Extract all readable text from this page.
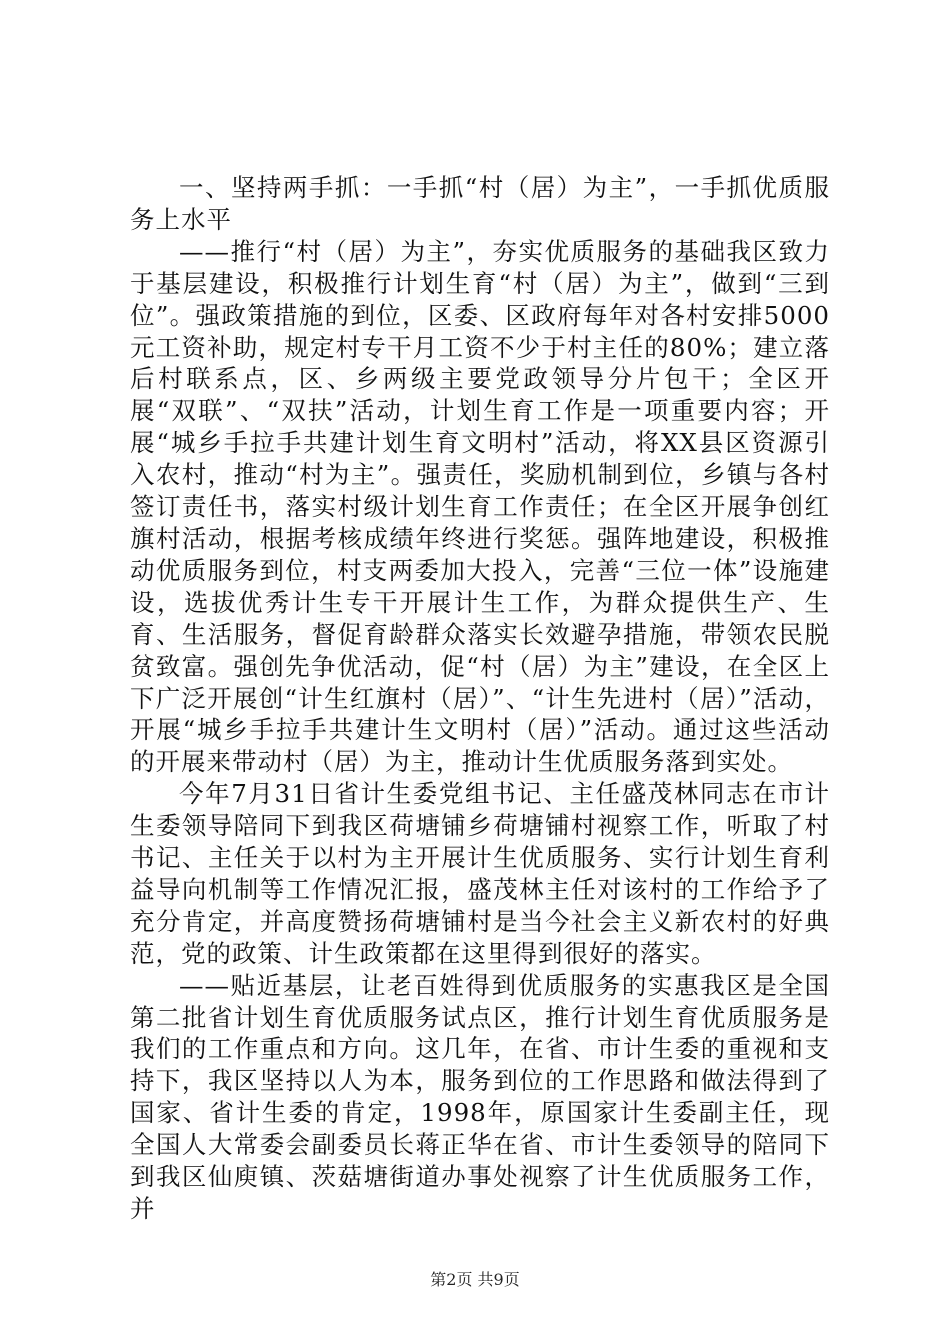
一、坚持两手抓：一手抓“村（居）为主”，一手抓优质服务上水平

——推行“村（居）为主”，夯实优质服务的基础我区致力于基层建设，积极推行计划生育“村（居）为主”，做到“三到位”。强政策措施的到位，区委、区政府每年对各村安排5000元工资补助，规定村专干月工资不少于村主任的80%；建立落后村联系点，区、乡两级主要党政领导分片包干；全区开展“双联”、“双扶”活动，计划生育工作是一项重要内容；开展“城乡手拉手共建计划生育文明村”活动，将XX县区资源引入农村，推动“村为主”。强责任，奖励机制到位，乡镇与各村签订责任书，落实村级计划生育工作责任；在全区开展争创红旗村活动，根据考核成绩年终进行奖惩。强阵地建设，积极推动优质服务到位，村支两委加大投入，完善“三位一体”设施建设，选拔优秀计生专干开展计生工作，为群众提供生产、生育、生活服务，督促育龄群众落实长效避孕措施，带领农民脱贫致富。强创先争优活动，促“村（居）为主”建设，在全区上下广泛开展创“计生红旗村（居）”、“计生先进村（居）”活动，开展“城乡手拉手共建计生文明村（居）”活动。通过这些活动的开展来带动村（居）为主，推动计生优质服务落到实处。

今年7月31日省计生委党组书记、主任盛茂林同志在市计生委领导陪同下到我区荷塘铺乡荷塘铺村视察工作，听取了村书记、主任关于以村为主开展计生优质服务、实行计划生育利益导向机制等工作情况汇报，盛茂林主任对该村的工作给予了充分肯定，并高度赞扬荷塘铺村是当今社会主义新农村的好典范，党的政策、计生政策都在这里得到很好的落实。

——贴近基层，让老百姓得到优质服务的实惠我区是全国第二批省计划生育优质服务试点区，推行计划生育优质服务是我们的工作重点和方向。这几年，在省、市计生委的重视和支持下，我区坚持以人为本，服务到位的工作思路和做法得到了国家、省计生委的肯定，1998年，原国家计生委副主任，现全国人大常委会副委员长蒋正华在省、市计生委领导的陪同下到我区仙庾镇、茨菇塘街道办事处视察了计生优质服务工作，并

第2页 共9页
